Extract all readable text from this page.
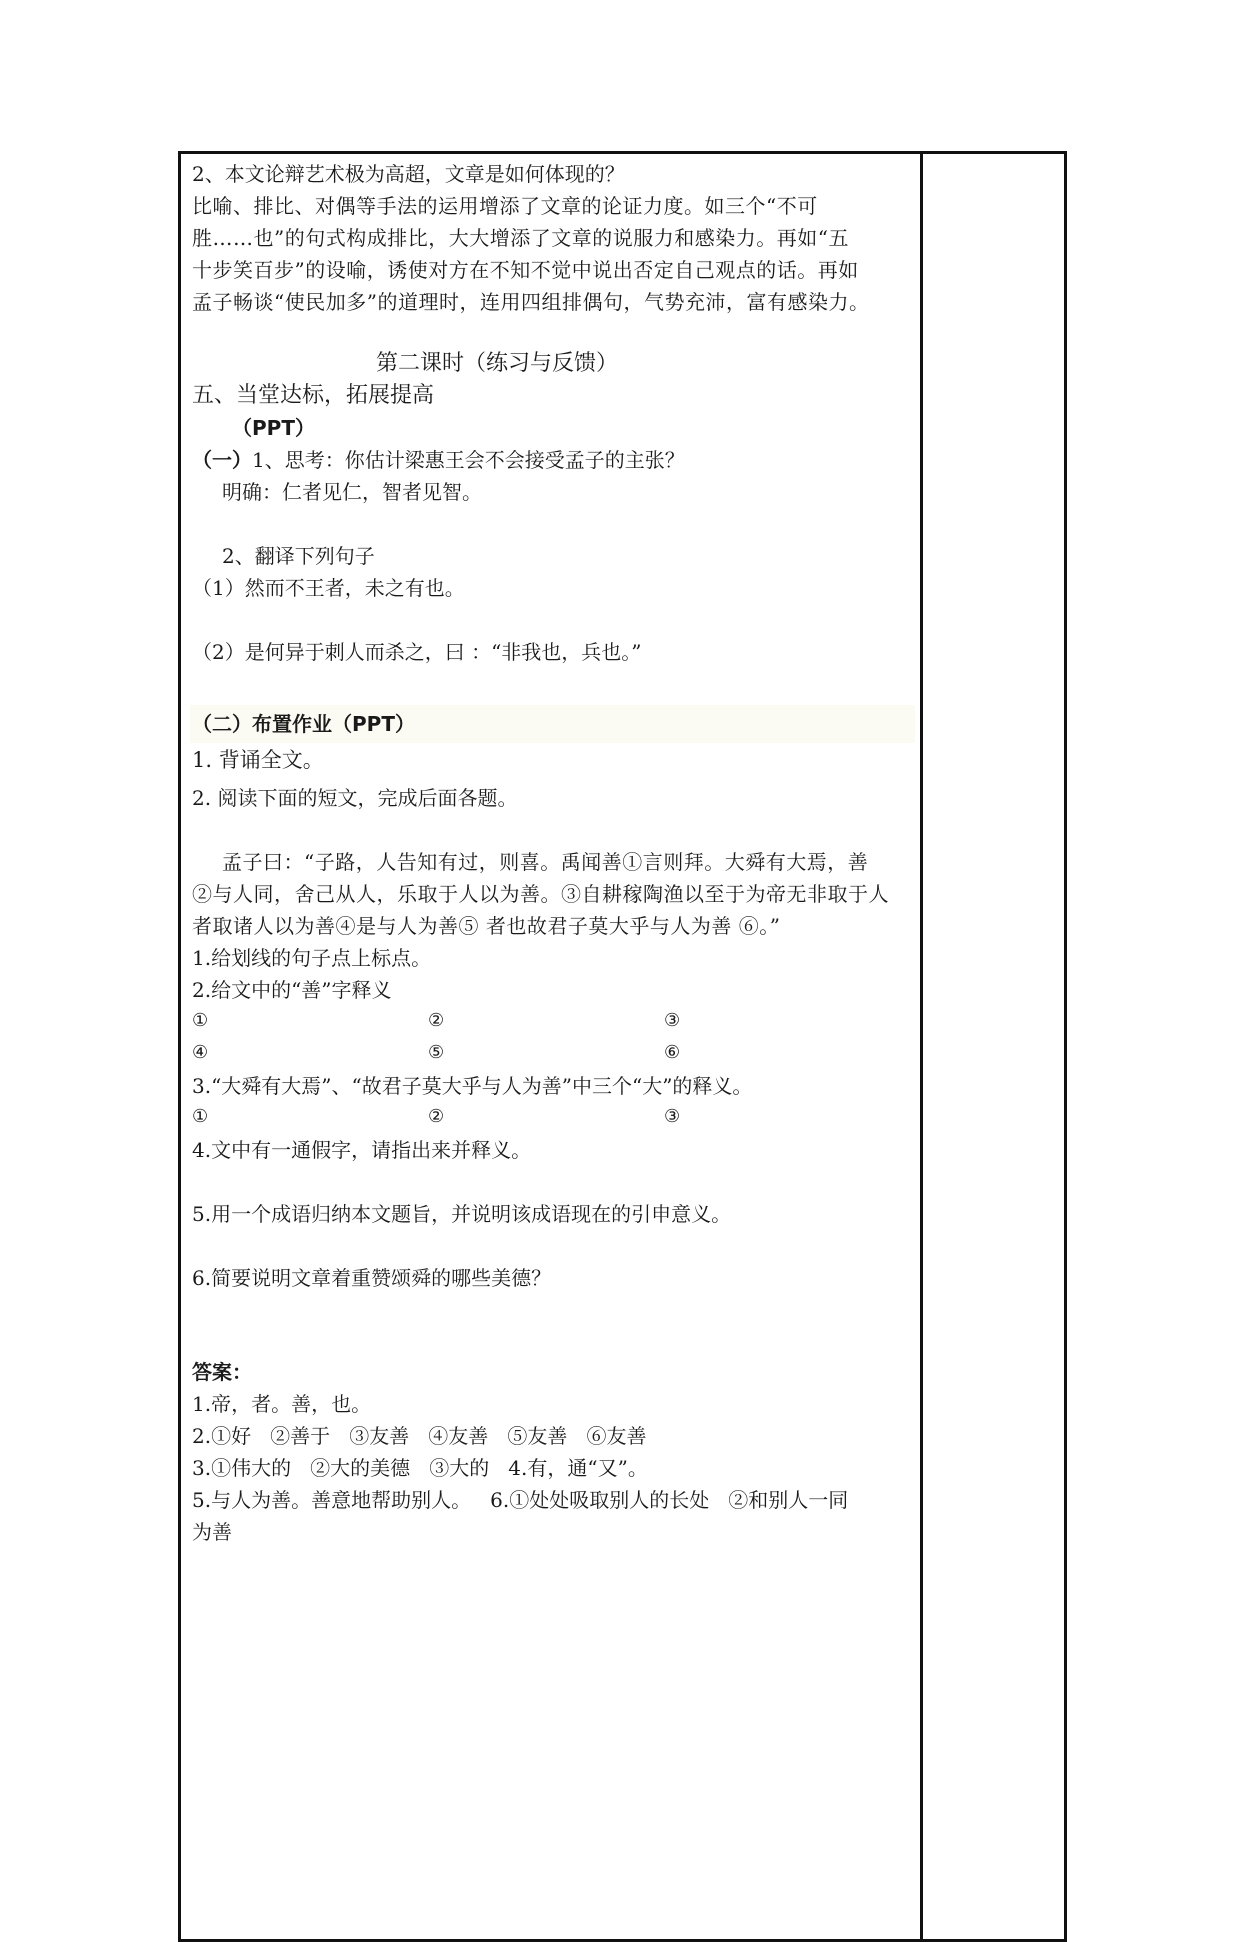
2、本文论辩艺术极为高超，文章是如何体现的？
比喻、排比、对偶等手法的运用增添了文章的论证力度。如三个“不可
胜……也”的句式构成排比，大大增添了文章的说服力和感染力。再如“五
十步笑百步”的设喻，诱使对方在不知不觉中说出否定自己观点的话。再如
孟子畅谈“使民加多”的道理时，连用四组排偶句，气势充沛，富有感染力。
第二课时（练习与反馈）
五、当堂达标，拓展提高
（PPT）
（一）1、思考：你估计梁惠王会不会接受孟子的主张？
明确：仁者见仁，智者见智。
2、翻译下列句子
（1）然而不王者，未之有也。
（2）是何异于刺人而杀之，曰 ：“非我也，兵也。”
（二）布置作业（PPT）
1. 背诵全文。
2. 阅读下面的短文，完成后面各题。
孟子曰：“子路，人告知有过，则喜。禹闻善①言则拜。大舜有大焉，善
②与人同，舍己从人，乐取于人以为善。③自耕稼陶渔以至于为帝无非取于人
者取诸人以为善④是与人为善⑤ 者也故君子莫大乎与人为善 ⑥。”
1.给划线的句子点上标点。
2.给文中的“善”字释义
①	②	③
④	⑤	⑥
3.“大舜有大焉”、“故君子莫大乎与人为善”中三个“大”的释义。
①	②	③
4.文中有一通假字，请指出来并释义。
5.用一个成语归纳本文题旨，并说明该成语现在的引申意义。
6.简要说明文章着重赞颂舜的哪些美德？
答案：
1.帝，者。善，也。
2.①好   ②善于   ③友善   ④友善   ⑤友善   ⑥友善
3.①伟大的   ②大的美德   ③大的   4.有，通“又”。
5.与人为善。善意地帮助别人。   6.①处处吸取别人的长处   ②和别人一同
为善
